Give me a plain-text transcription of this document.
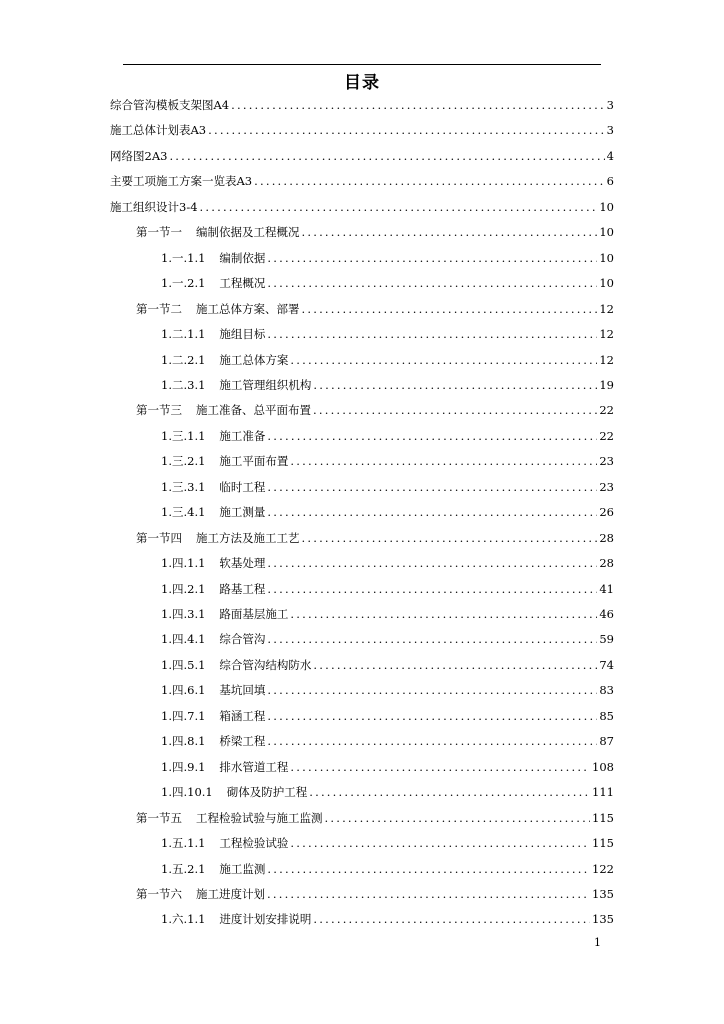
目录
综合管沟模板支架图A4 .....	3
施工总体计划表A3 .....	3
网络图2A3 .....	4
主要工项施工方案一览表A3 .....	6
施工组织设计3-4 .....	10
第一节一 编制依据及工程概况 .....	10
1.一.1.1 编制依据 .....	10
1.一.2.1 工程概况 .....	10
第一节二 施工总体方案、部署 .....	12
1.二.1.1 施组目标 .....	12
1.二.2.1 施工总体方案 .....	12
1.二.3.1 施工管理组织机构 .....	19
第一节三 施工准备、总平面布置 .....	22
1.三.1.1 施工准备 .....	22
1.三.2.1 施工平面布置 .....	23
1.三.3.1 临时工程 .....	23
1.三.4.1 施工测量 .....	26
第一节四 施工方法及施工工艺 .....	28
1.四.1.1 软基处理 .....	28
1.四.2.1 路基工程 .....	41
1.四.3.1 路面基层施工 .....	46
1.四.4.1 综合管沟 .....	59
1.四.5.1 综合管沟结构防水 .....	74
1.四.6.1 基坑回填 .....	83
1.四.7.1 箱涵工程 .....	85
1.四.8.1 桥梁工程 .....	87
1.四.9.1 排水管道工程 .....	108
1.四.10.1 砌体及防护工程 .....	111
第一节五 工程检验试验与施工监测 .....	115
1.五.1.1 工程检验试验 .....	115
1.五.2.1 施工监测 .....	122
第一节六 施工进度计划 .....	135
1.六.1.1 进度计划安排说明 .....	135
1
